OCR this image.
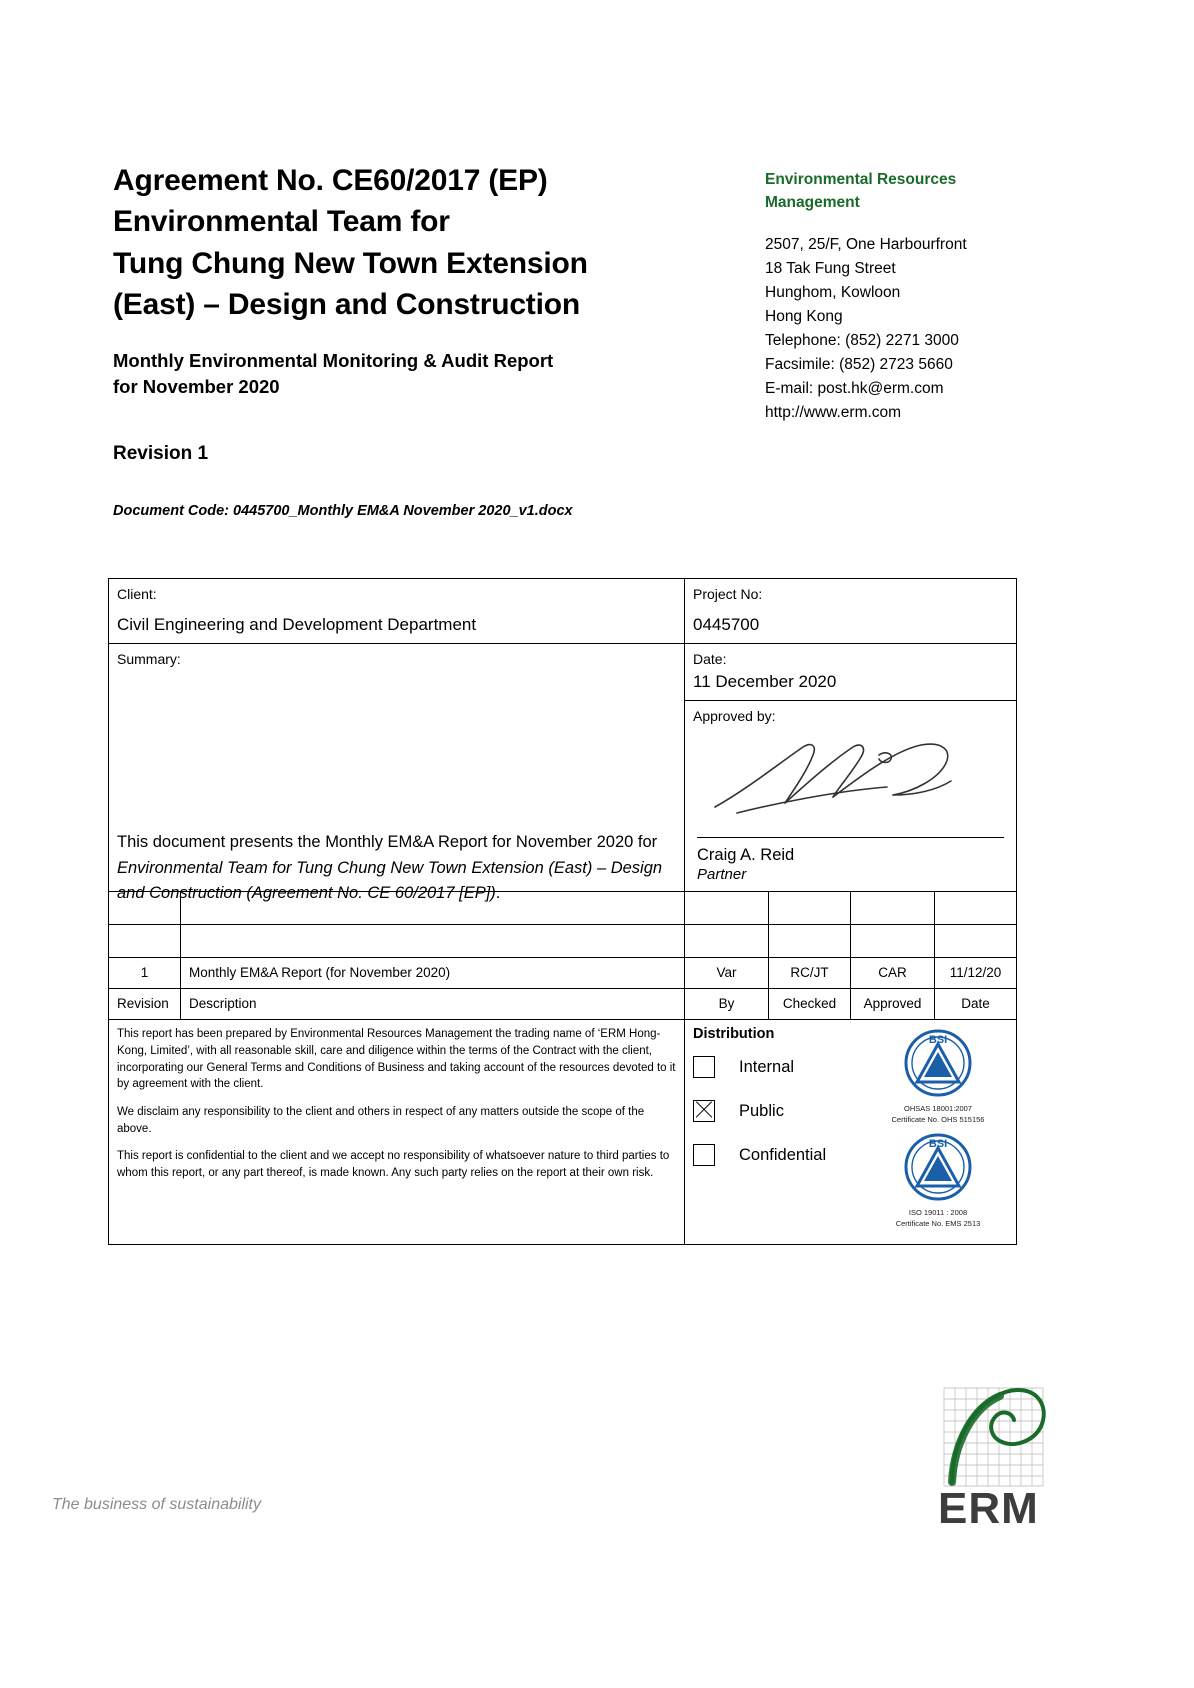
Agreement No. CE60/2017 (EP)
Environmental Team for
Tung Chung New Town Extension
(East) – Design and Construction
Monthly Environmental Monitoring & Audit Report
for November 2020
Revision 1
Document Code: 0445700_Monthly EM&A November 2020_v1.docx
Environmental Resources
Management
2507, 25/F, One Harbourfront
18 Tak Fung Street
Hunghom, Kowloon
Hong Kong
Telephone: (852) 2271 3000
Facsimile: (852) 2723 5660
E-mail: post.hk@erm.com
http://www.erm.com
Client:
Civil Engineering and Development Department

Project No:
0445700

Summary:
This document presents the Monthly EM&A Report for November 2020 for Environmental Team for Tung Chung New Town Extension (East) – Design and Construction (Agreement No. CE 60/2017 [EP]).

Date:
11 December 2020

		Approved by:
Craig A. Reid
Partner			

1	Monthly EM&A Report (for November 2020)	Var	RC/JT	CAR	11/12/20
Revision	Description	By	Checked	Approved	Date

This report has been prepared by Environmental Resources Management the trading name of ‘ERM Hong-Kong, Limited’, with all reasonable skill, care and diligence within the terms of the Contract with the client, incorporating our General Terms and Conditions of Business and taking account of the resources devoted to it by agreement with the client.

We disclaim any responsibility to the client and others in respect of any matters outside the scope of the above.

This report is confidential to the client and we accept no responsibility of whatsoever nature to third parties to whom this report, or any part thereof, is made known. Any such party relies on the report at their own risk.

Distribution
Internal
Public
Confidential
BSI
OHSAS 18001:2007
Certificate No. OHS 515156
BSI
ISO 19011 : 2008
Certificate No. EMS 2513
The business of sustainability	ERM
